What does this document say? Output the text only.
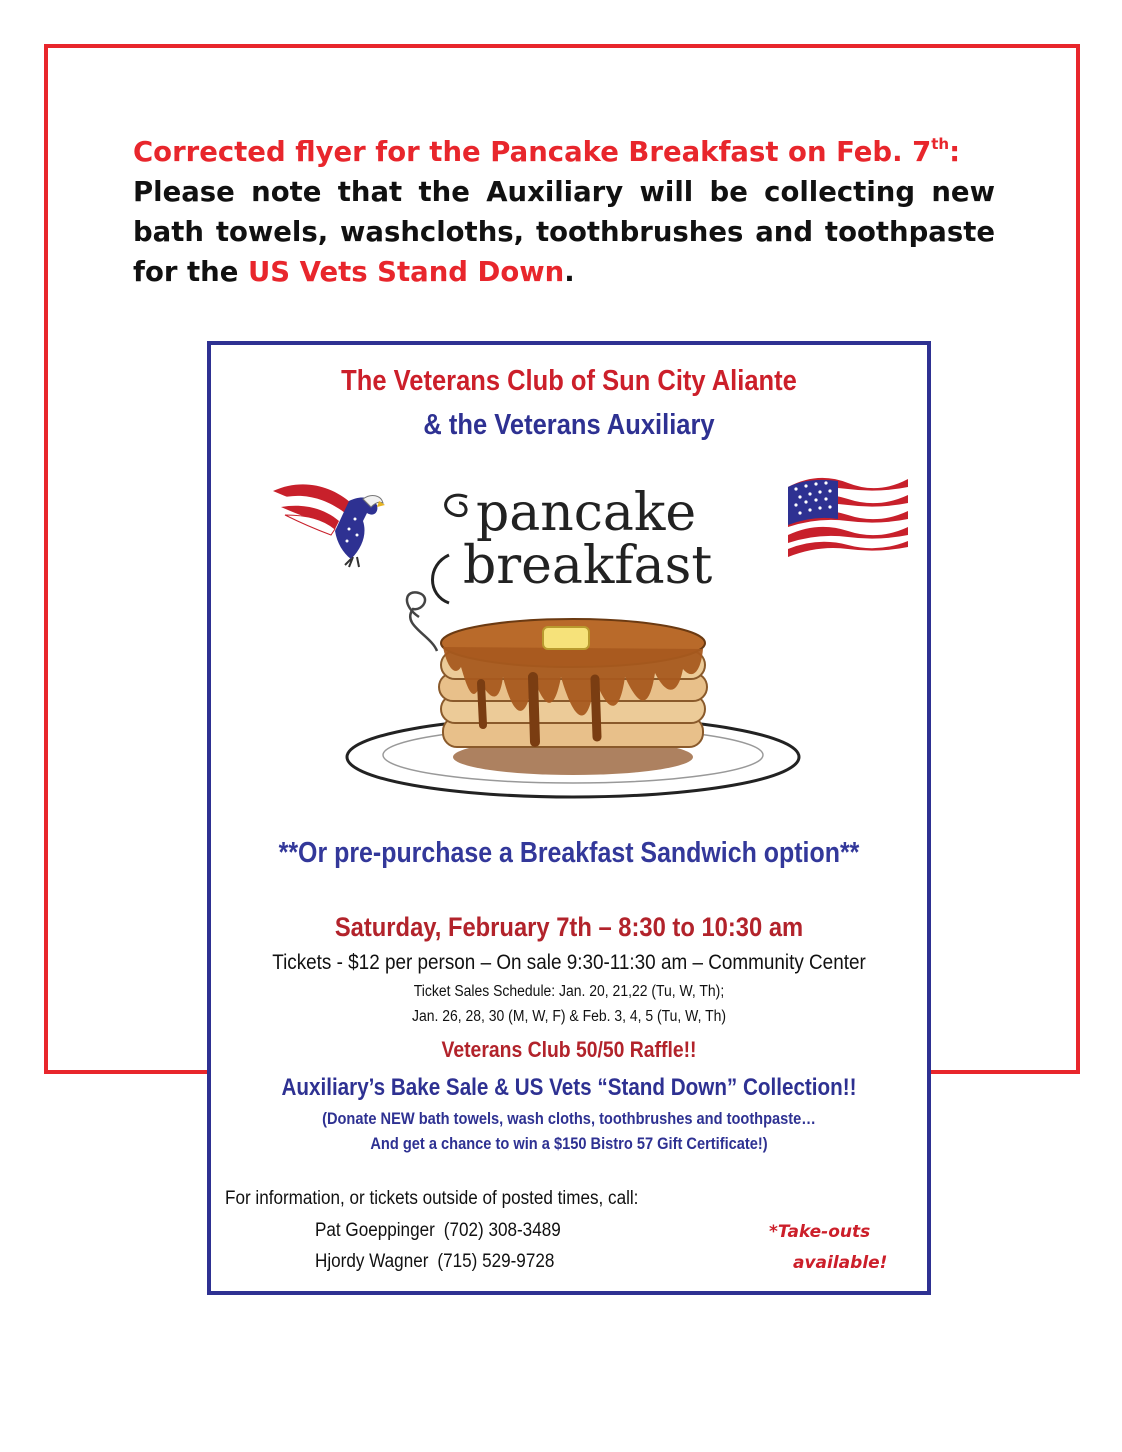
Corrected flyer for the Pancake Breakfast on Feb. 7th:
Please note that the Auxiliary will be collecting new
bath towels, washcloths, toothbrushes and toothpaste
for the US Vets Stand Down.
The Veterans Club of Sun City Aliante
& the Veterans Auxiliary
pancake
breakfast
**Or pre-purchase a Breakfast Sandwich option**
Saturday, February 7th – 8:30 to 10:30 am
Tickets - $12 per person – On sale 9:30-11:30 am – Community Center
Ticket Sales Schedule: Jan. 20, 21,22 (Tu, W, Th);
Jan. 26, 28, 30 (M, W, F) & Feb. 3, 4, 5 (Tu, W, Th)
Veterans Club 50/50 Raffle!!
Auxiliary’s Bake Sale & US Vets “Stand Down” Collection!!
(Donate NEW bath towels, wash cloths, toothbrushes and toothpaste…
And get a chance to win a $150 Bistro 57 Gift Certificate!)
For information, or tickets outside of posted times, call:
Pat Goeppinger (702) 308-3489
Hjordy Wagner (715) 529-9728
*Take-outs
available!
